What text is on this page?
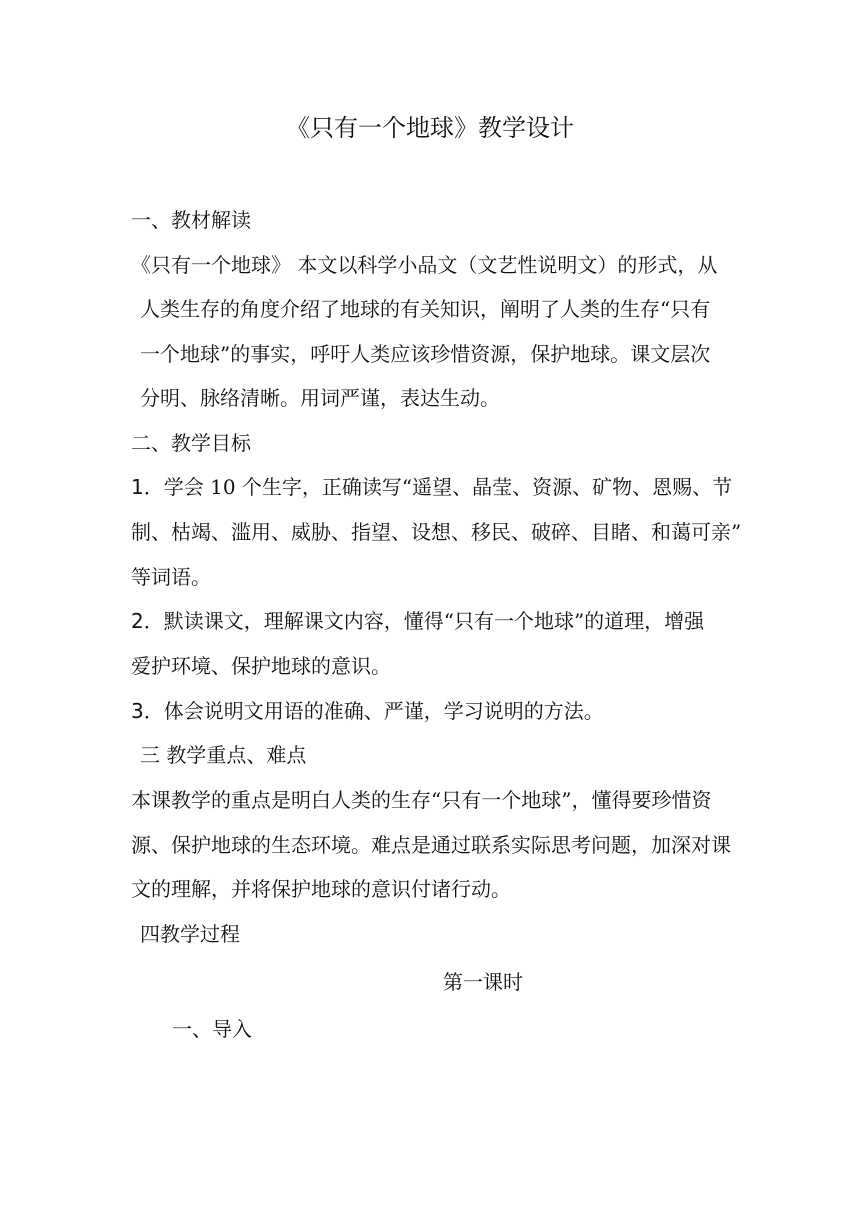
《只有一个地球》教学设计
一、教材解读
《只有一个地球》 本文以科学小品文（文艺性说明文）的形式，从
人类生存的角度介绍了地球的有关知识，阐明了人类的生存“只有
一个地球”的事实，呼吁人类应该珍惜资源，保护地球。课文层次
分明、脉络清晰。用词严谨，表达生动。
二、教学目标
1．学会 10 个生字，正确读写“遥望、晶莹、资源、矿物、恩赐、节
制、枯竭、滥用、威胁、指望、设想、移民、破碎、目睹、和蔼可亲”
等词语。
2．默读课文，理解课文内容，懂得“只有一个地球”的道理，增强
爱护环境、保护地球的意识。
3．体会说明文用语的准确、严谨，学习说明的方法。
三 教学重点、难点
本课教学的重点是明白人类的生存“只有一个地球”，懂得要珍惜资
源、保护地球的生态环境。难点是通过联系实际思考问题，加深对课
文的理解，并将保护地球的意识付诸行动。
四教学过程
第一课时
一、导入
